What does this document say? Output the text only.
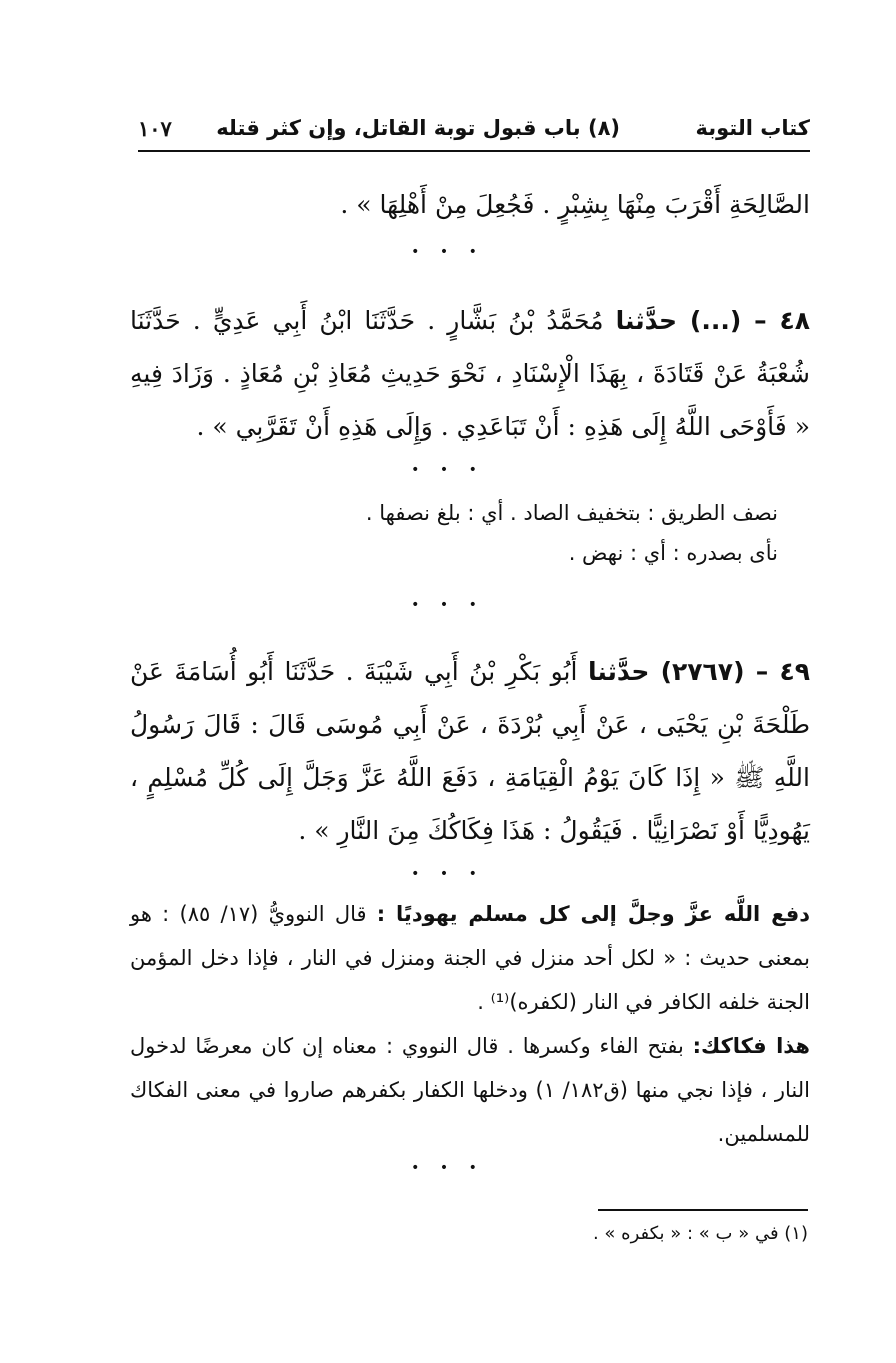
كتاب التوبة
(٨) باب قبول توبة القاتل، وإن كثر قتله
١٠٧
الصَّالِحَةِ أَقْرَبَ مِنْهَا بِشِبْرٍ . فَجُعِلَ مِنْ أَهْلِهَا » .
• • •
٤٨ – (...) حدَّثنا مُحَمَّدُ بْنُ بَشَّارٍ . حَدَّثَنَا ابْنُ أَبِي عَدِيٍّ . حَدَّثَنَا شُعْبَةُ عَنْ قَتَادَةَ ، بِهَذَا الْإِسْنَادِ ، نَحْوَ حَدِيثِ مُعَاذِ بْنِ مُعَاذٍ . وَزَادَ فِيهِ « فَأَوْحَى اللَّهُ إِلَى هَذِهِ : أَنْ تَبَاعَدِي . وَإِلَى هَذِهِ أَنْ تَقَرَّبِي » .
• • •
نصف الطريق : بتخفيف الصاد . أي : بلغ نصفها .
نأى بصدره : أي : نهض .
• • •
٤٩ – (٢٧٦٧) حدَّثنا أَبُو بَكْرِ بْنُ أَبِي شَيْبَةَ . حَدَّثَنَا أَبُو أُسَامَةَ عَنْ طَلْحَةَ بْنِ يَحْيَى ، عَنْ أَبِي بُرْدَةَ ، عَنْ أَبِي مُوسَى قَالَ : قَالَ رَسُولُ اللَّهِ ﷺ « إِذَا كَانَ يَوْمُ الْقِيَامَةِ ، دَفَعَ اللَّهُ عَزَّ وَجَلَّ إِلَى كُلِّ مُسْلِمٍ ، يَهُودِيًّا أَوْ نَصْرَانِيًّا . فَيَقُولُ : هَذَا فِكَاكُكَ مِنَ النَّارِ » .
• • •
دفع اللَّه عزَّ وجلَّ إلى كل مسلم يهوديًا : قال النوويُّ (١٧/ ٨٥) : هو بمعنى حديث : « لكل أحد منزل في الجنة ومنزل في النار ، فإذا دخل المؤمن الجنة خلفه الكافر في النار (لكفره)⁽¹⁾ .
هذا فكاكك: بفتح الفاء وكسرها . قال النووي : معناه إن كان معرضًا لدخول النار ، فإذا نجي منها (ق١٨٢/ ١) ودخلها الكفار بكفرهم صاروا في معنى الفكاك للمسلمين.
• • •
(١) في « ب » : « بكفره » .
